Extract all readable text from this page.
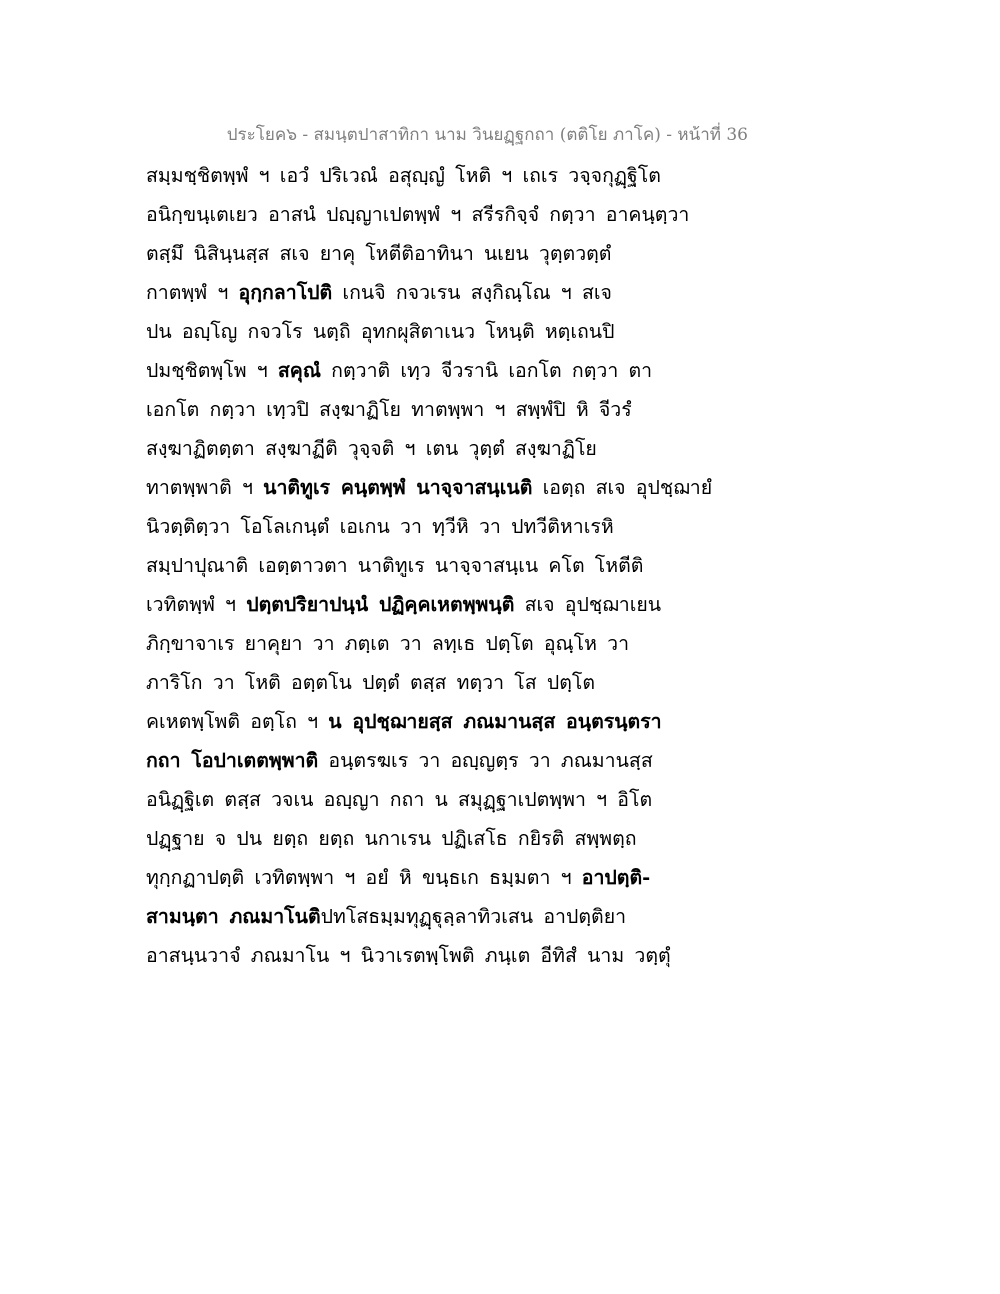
ประโยค๖ - สมนฺตปาสาทิกา นาม วินยฏฺฐกถา (ตติโย ภาโค) - หน้าที่ 36
สมฺมชฺชิตพฺพํ ฯ เอวํ ปริเวณํ อสุญฺญํ โหติ ฯ เถเร วจฺจกุฏฺฐิโต
อนิกฺขนฺเตเยว อาสนํ ปญฺญาเปตพฺพํ ฯ สรีรกิจฺจํ กตฺวา อาคนฺตฺวา
ตสฺมึ นิสินฺนสฺส สเจ ยาคุ โหตีติอาทินา นเยน วุตฺตวตฺตํ
กาตพฺพํ ฯ อุกฺกลาโปติ เกนจิ กจวเรน สงฺกิณฺโณ ฯ สเจ
ปน อญฺโญ กจวโร นตฺถิ อุทกผุสิตาเนว โหนฺติ หตฺเถนปิ
ปมชฺชิตพฺโพ ฯ สคุณํ กตฺวาติ เทฺว จีวรานิ เอกโต กตฺวา ตา
เอกโต กตฺวา เทฺวปิ สงฺฆาฏิโย ทาตพฺพา ฯ สพฺพํปิ หิ จีวรํ
สงฺฆาฏิตตฺตา สงฺฆาฏีติ วุจฺจติ ฯ เตน วุตฺตํ สงฺฆาฏิโย
ทาตพฺพาติ ฯ นาติทูเร คนฺตพฺพํ นาจฺจาสนฺเนติ เอตฺถ สเจ อุปชฺฌายํ
นิวตฺติตฺวา โอโลเกนฺตํ เอเกน วา ทฺวีหิ วา ปทวีติหาเรหิ
สมฺปาปุณาติ เอตฺตาวตา นาติทูเร นาจฺจาสนฺเน คโต โหตีติ
เวทิตพฺพํ ฯ ปตฺตปริยาปนฺนํ ปฏิคฺคเหตพฺพนฺติ สเจ อุปชฺฌาเยน
ภิกฺขาจาเร ยาคุยา วา ภตฺเต วา ลทฺเธ ปตฺโต อุณฺโห วา
ภาริโก วา โหติ อตฺตโน ปตฺตํ ตสฺส ทตฺวา โส ปตฺโต
คเหตพฺโพติ อตฺโถ ฯ น อุปชฺฌายสฺส ภณมานสฺส อนฺตรนฺตรา
กถา โอปาเตตพฺพาติ อนฺตรฆเร วา อญฺญตฺร วา ภณมานสฺส
อนิฏฺฐิเต ตสฺส วจเน อญฺญา กถา น สมุฏฺฐาเปตพฺพา ฯ อิโต
ปฏฺฐาย จ ปน ยตฺถ ยตฺถ นกาเรน ปฏิเสโธ กยิรติ สพฺพตฺถ
ทุกฺกฏาปตฺติ เวทิตพฺพา ฯ อยํ หิ ขนฺธเก ธมฺมตา ฯ อาปตฺติ-
สามนฺตา ภณมาโนติปทโสธมฺมทุฏฺฐุลฺลาทิวเสน อาปตฺติยา
อาสนฺนวาจํ ภณมาโน ฯ นิวาเรตพฺโพติ ภนฺเต อีทิสํ นาม วตฺตุํ
